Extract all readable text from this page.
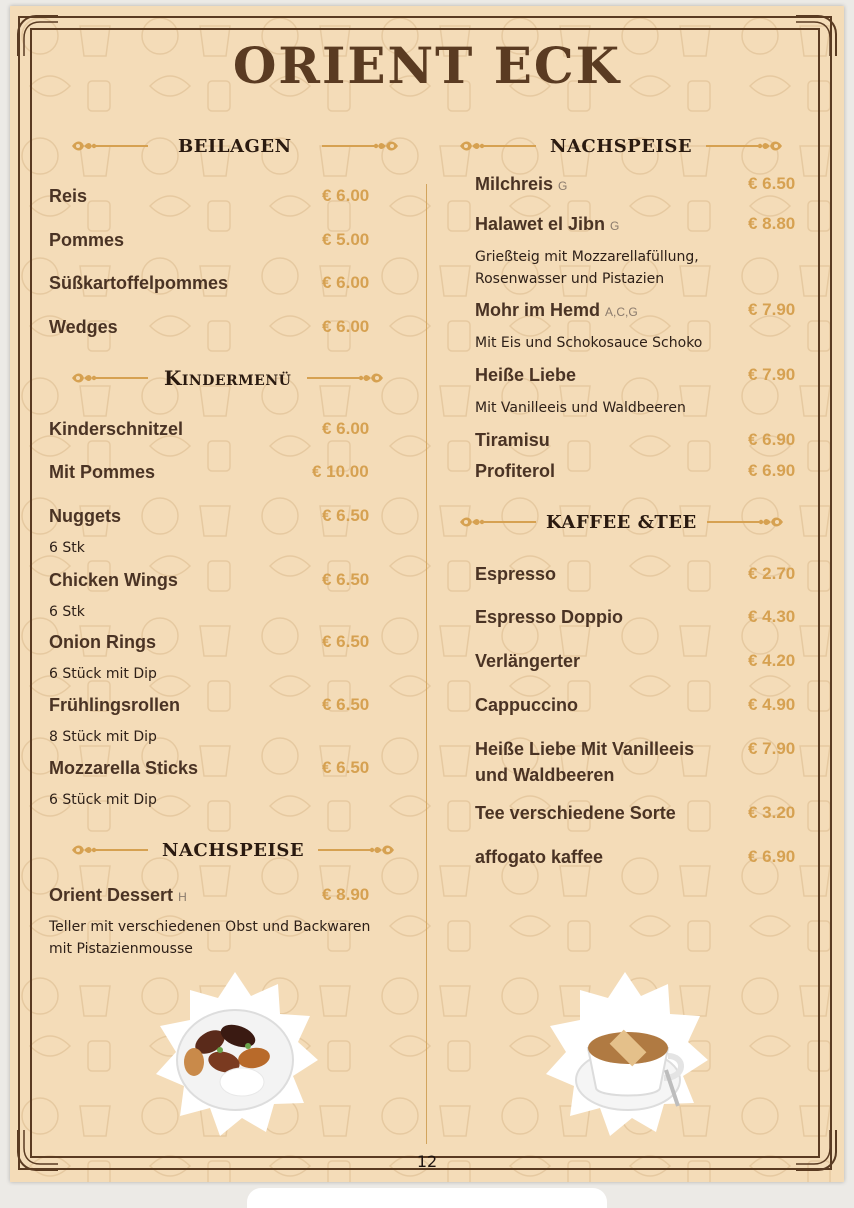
ORIENT ECK
BEILAGEN
Reis	€ 6.00
Pommes	€ 5.00
Süßkartoffelpommes	€ 6.00
Wedges	€ 6.00
Kindermenü
Kinderschnitzel	€ 6.00
Mit Pommes	€ 10.00
Nuggets	€ 6.50
6 Stk
Chicken Wings	€ 6.50
6 Stk
Onion Rings	€ 6.50
6 Stück mit Dip
Frühlingsrollen	€ 6.50
8 Stück mit Dip
Mozzarella Sticks	€ 6.50
6 Stück mit Dip
NACHSPEISE
Orient Dessert H	€ 8.90
Teller mit verschiedenen Obst und Backwaren
mit Pistazienmousse
NACHSPEISE
Milchreis G	€ 6.50
Halawet el Jibn G	€ 8.80
Grießteig mit Mozzarellafüllung,
Rosenwasser und Pistazien
Mohr im Hemd A,C,G	€ 7.90
Mit Eis und Schokosauce Schoko
Heiße Liebe	€ 7.90
Mit Vanilleeis und Waldbeeren
Tiramisu	€ 6.90
Profiterol	€ 6.90
KAFFEE &TEE
Espresso	€ 2.70
Espresso Doppio	€ 4.30
Verlängerter	€ 4.20
Cappuccino	€ 4.90
Heiße Liebe Mit Vanilleeis
und Waldbeeren
€ 7.90
Tee verschiedene Sorte	€ 3.20
affogato kaffee	€ 6.90
12
